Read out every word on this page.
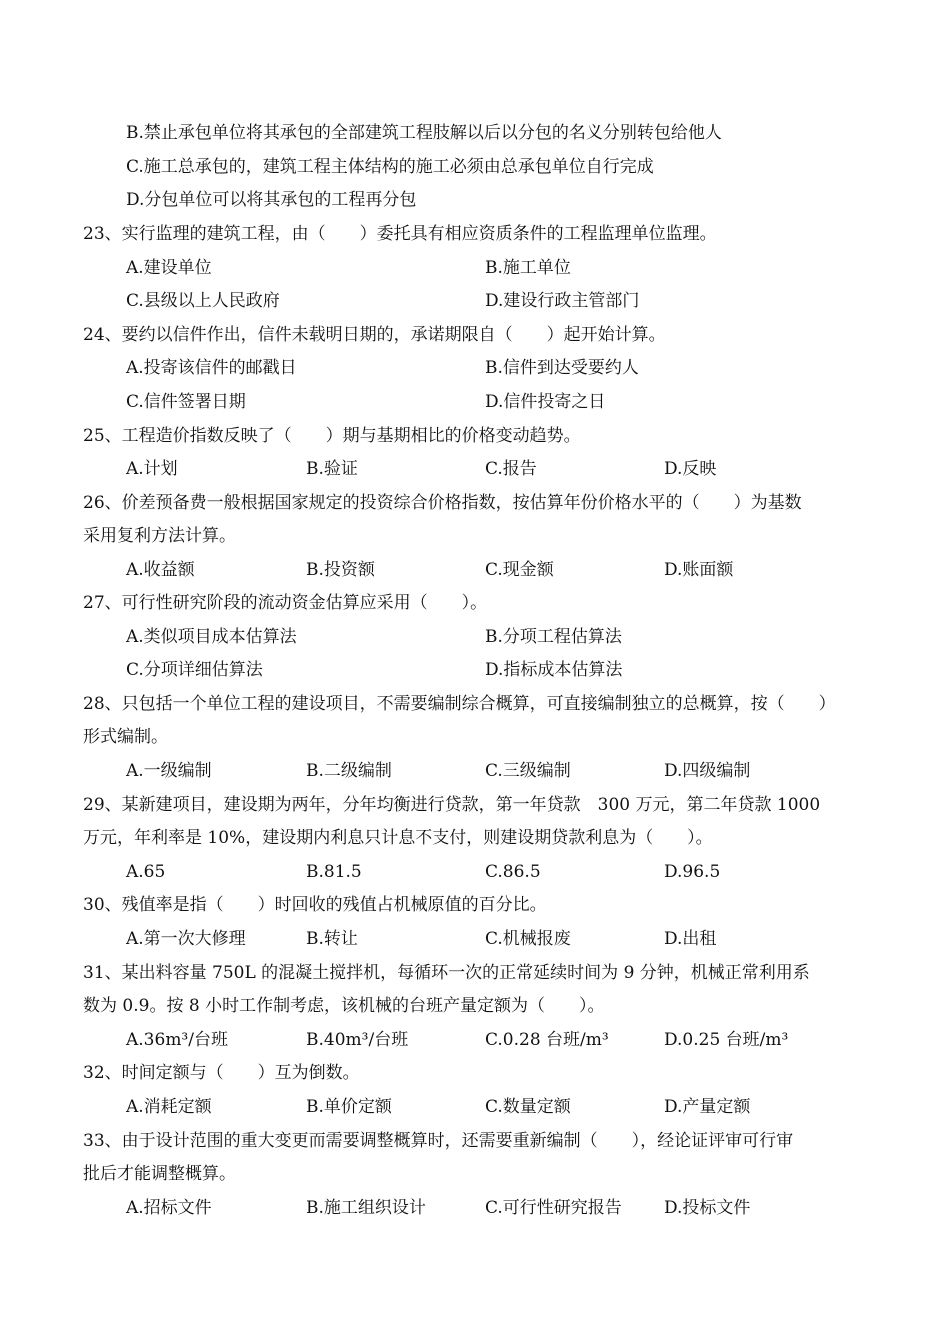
B.禁止承包单位将其承包的全部建筑工程肢解以后以分包的名义分别转包给他人
C.施工总承包的，建筑工程主体结构的施工必须由总承包单位自行完成
D.分包单位可以将其承包的工程再分包
23、实行监理的建筑工程，由（　　）委托具有相应资质条件的工程监理单位监理。
A.建设单位	B.施工单位
C.县级以上人民政府	D.建设行政主管部门
24、要约以信件作出，信件未载明日期的，承诺期限自（　　）起开始计算。
A.投寄该信件的邮戳日	B.信件到达受要约人
C.信件签署日期	D.信件投寄之日
25、工程造价指数反映了（　　）期与基期相比的价格变动趋势。
A.计划	B.验证	C.报告	D.反映
26、价差预备费一般根据国家规定的投资综合价格指数，按估算年份价格水平的（　　）为基数
采用复利方法计算。
A.收益额	B.投资额	C.现金额	D.账面额
27、可行性研究阶段的流动资金估算应采用（　　）。
A.类似项目成本估算法	B.分项工程估算法
C.分项详细估算法	D.指标成本估算法
28、只包括一个单位工程的建设项目，不需要编制综合概算，可直接编制独立的总概算，按（　　）
形式编制。
A.一级编制	B.二级编制	C.三级编制	D.四级编制
29、某新建项目，建设期为两年，分年均衡进行贷款，第一年贷款　300 万元，第二年贷款 1000
万元，年利率是 10%，建设期内利息只计息不支付，则建设期贷款利息为（　　）。
A.65	B.81.5	C.86.5	D.96.5
30、残值率是指（　　）时回收的残值占机械原值的百分比。
A.第一次大修理	B.转让	C.机械报废	D.出租
31、某出料容量 750L 的混凝土搅拌机，每循环一次的正常延续时间为 9 分钟，机械正常利用系
数为 0.9。按 8 小时工作制考虑，该机械的台班产量定额为（　　）。
A.36m³/台班	B.40m³/台班	C.0.28 台班/m³	D.0.25 台班/m³
32、时间定额与（　　）互为倒数。
A.消耗定额	B.单价定额	C.数量定额	D.产量定额
33、由于设计范围的重大变更而需要调整概算时，还需要重新编制（　　），经论证评审可行审
批后才能调整概算。
A.招标文件	B.施工组织设计	C.可行性研究报告 D.投标文件
